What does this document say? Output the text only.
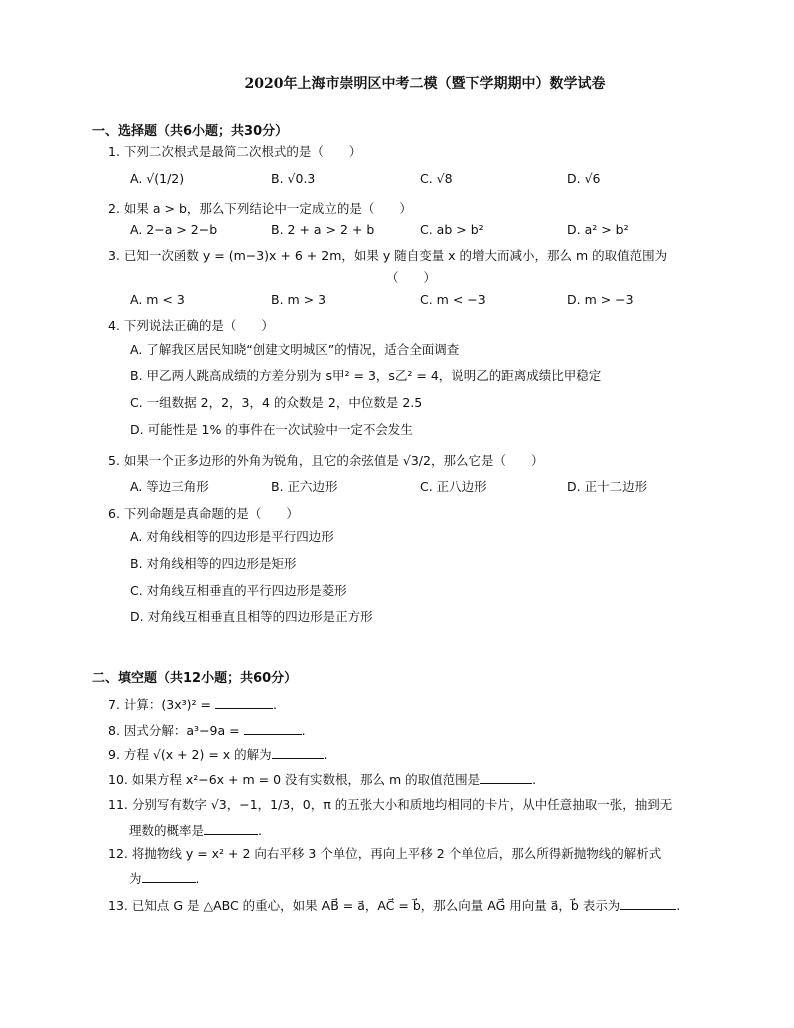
2020年上海市崇明区中考二模（暨下学期期中）数学试卷
一、选择题（共6小题；共30分）
1. 下列二次根式是最简二次根式的是（　　）
A. √(1/2)	B. √0.3	C. √8	D. √6
2. 如果 a > b，那么下列结论中一定成立的是（　　）
A. 2−a > 2−b	B. 2 + a > 2 + b	C. ab > b²	D. a² > b²
3. 已知一次函数 y = (m−3)x + 6 + 2m，如果 y 随自变量 x 的增大而减小，那么 m 的取值范围为
（　　）
A. m < 3	B. m > 3	C. m < −3	D. m > −3
4. 下列说法正确的是（　　）
A. 了解我区居民知晓“创建文明城区”的情况，适合全面调查
B. 甲乙两人跳高成绩的方差分别为 s甲² = 3，s乙² = 4，说明乙的距离成绩比甲稳定
C. 一组数据 2，2，3，4 的众数是 2，中位数是 2.5
D. 可能性是 1% 的事件在一次试验中一定不会发生
5. 如果一个正多边形的外角为锐角，且它的余弦值是 √3/2，那么它是（　　）
A. 等边三角形	B. 正六边形	C. 正八边形	D. 正十二边形
6. 下列命题是真命题的是（　　）
A. 对角线相等的四边形是平行四边形
B. 对角线相等的四边形是矩形
C. 对角线互相垂直的平行四边形是菱形
D. 对角线互相垂直且相等的四边形是正方形
二、填空题（共12小题；共60分）
7. 计算：(3x³)² =	.
8. 因式分解：a³−9a =	.
9. 方程 √(x + 2) = x 的解为	.
10. 如果方程 x²−6x + m = 0 没有实数根，那么 m 的取值范围是	.
11. 分别写有数字 √3，−1，1/3，0，π 的五张大小和质地均相同的卡片，从中任意抽取一张，抽到无
理数的概率是	.
12. 将抛物线 y = x² + 2 向右平移 3 个单位，再向上平移 2 个单位后，那么所得新抛物线的解析式
为	.
13. 已知点 G 是 △ABC 的重心，如果 AB⃗ = a⃗，AC⃗ = b⃗，那么向量 AG⃗ 用向量 a⃗，b⃗ 表示为	.
